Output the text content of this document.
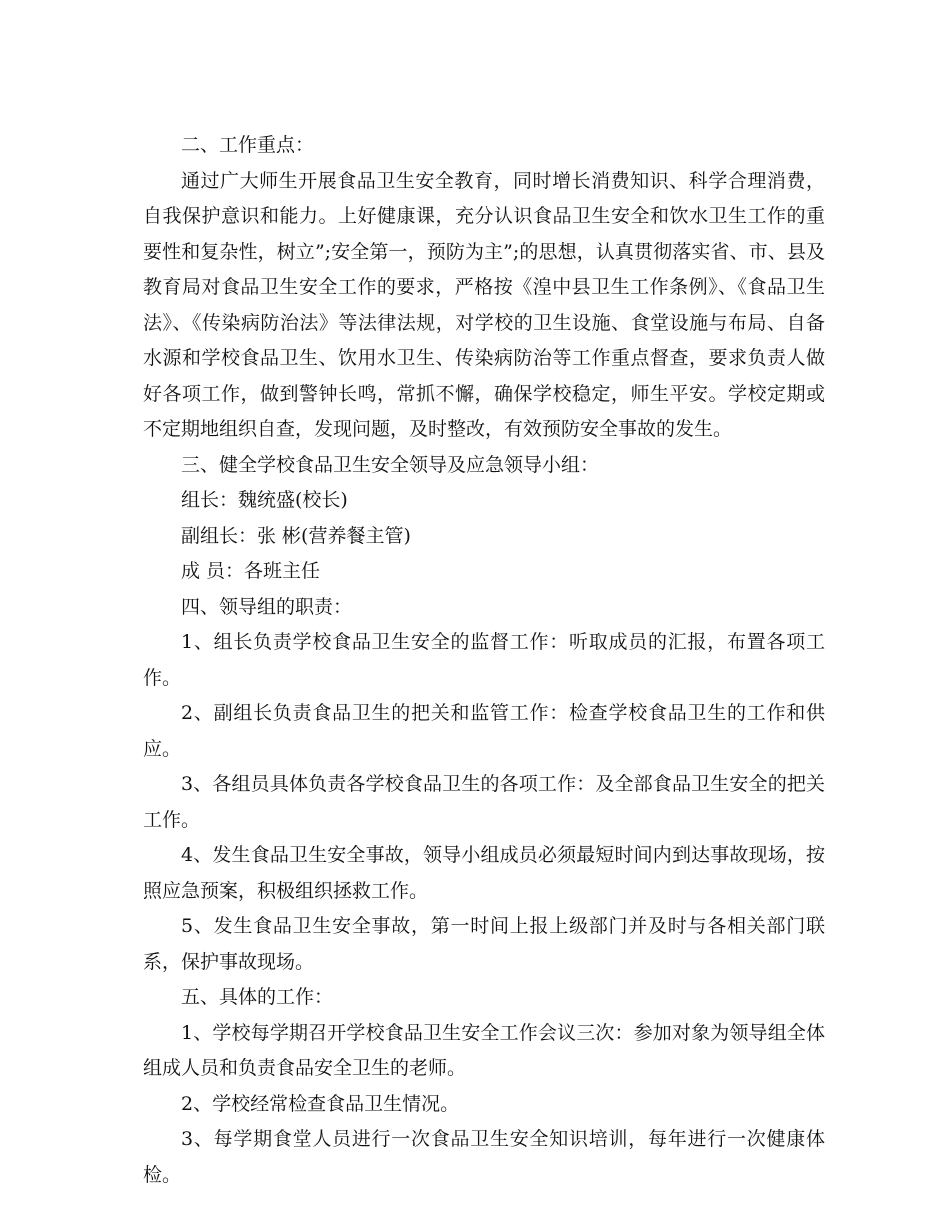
二、工作重点：

通过广大师生开展食品卫生安全教育，同时增长消费知识、科学合理消费，自我保护意识和能力。上好健康课，充分认识食品卫生安全和饮水卫生工作的重要性和复杂性，树立”;安全第一，预防为主”;的思想，认真贯彻落实省、市、县及教育局对食品卫生安全工作的要求，严格按《湟中县卫生工作条例》、《食品卫生法》、《传染病防治法》等法律法规，对学校的卫生设施、食堂设施与布局、自备水源和学校食品卫生、饮用水卫生、传染病防治等工作重点督查，要求负责人做好各项工作，做到警钟长鸣，常抓不懈，确保学校稳定，师生平安。学校定期或不定期地组织自查，发现问题，及时整改，有效预防安全事故的发生。

三、健全学校食品卫生安全领导及应急领导小组：

组长：魏统盛(校长)

副组长：张 彬(营养餐主管)

成 员：各班主任

四、领导组的职责：

1、组长负责学校食品卫生安全的监督工作：听取成员的汇报，布置各项工作。

2、副组长负责食品卫生的把关和监管工作：检查学校食品卫生的工作和供应。

3、各组员具体负责各学校食品卫生的各项工作：及全部食品卫生安全的把关工作。

4、发生食品卫生安全事故，领导小组成员必须最短时间内到达事故现场，按照应急预案，积极组织拯救工作。

5、发生食品卫生安全事故，第一时间上报上级部门并及时与各相关部门联系，保护事故现场。

五、具体的工作：

1、学校每学期召开学校食品卫生安全工作会议三次：参加对象为领导组全体组成人员和负责食品安全卫生的老师。

2、学校经常检查食品卫生情况。

3、每学期食堂人员进行一次食品卫生安全知识培训，每年进行一次健康体检。
